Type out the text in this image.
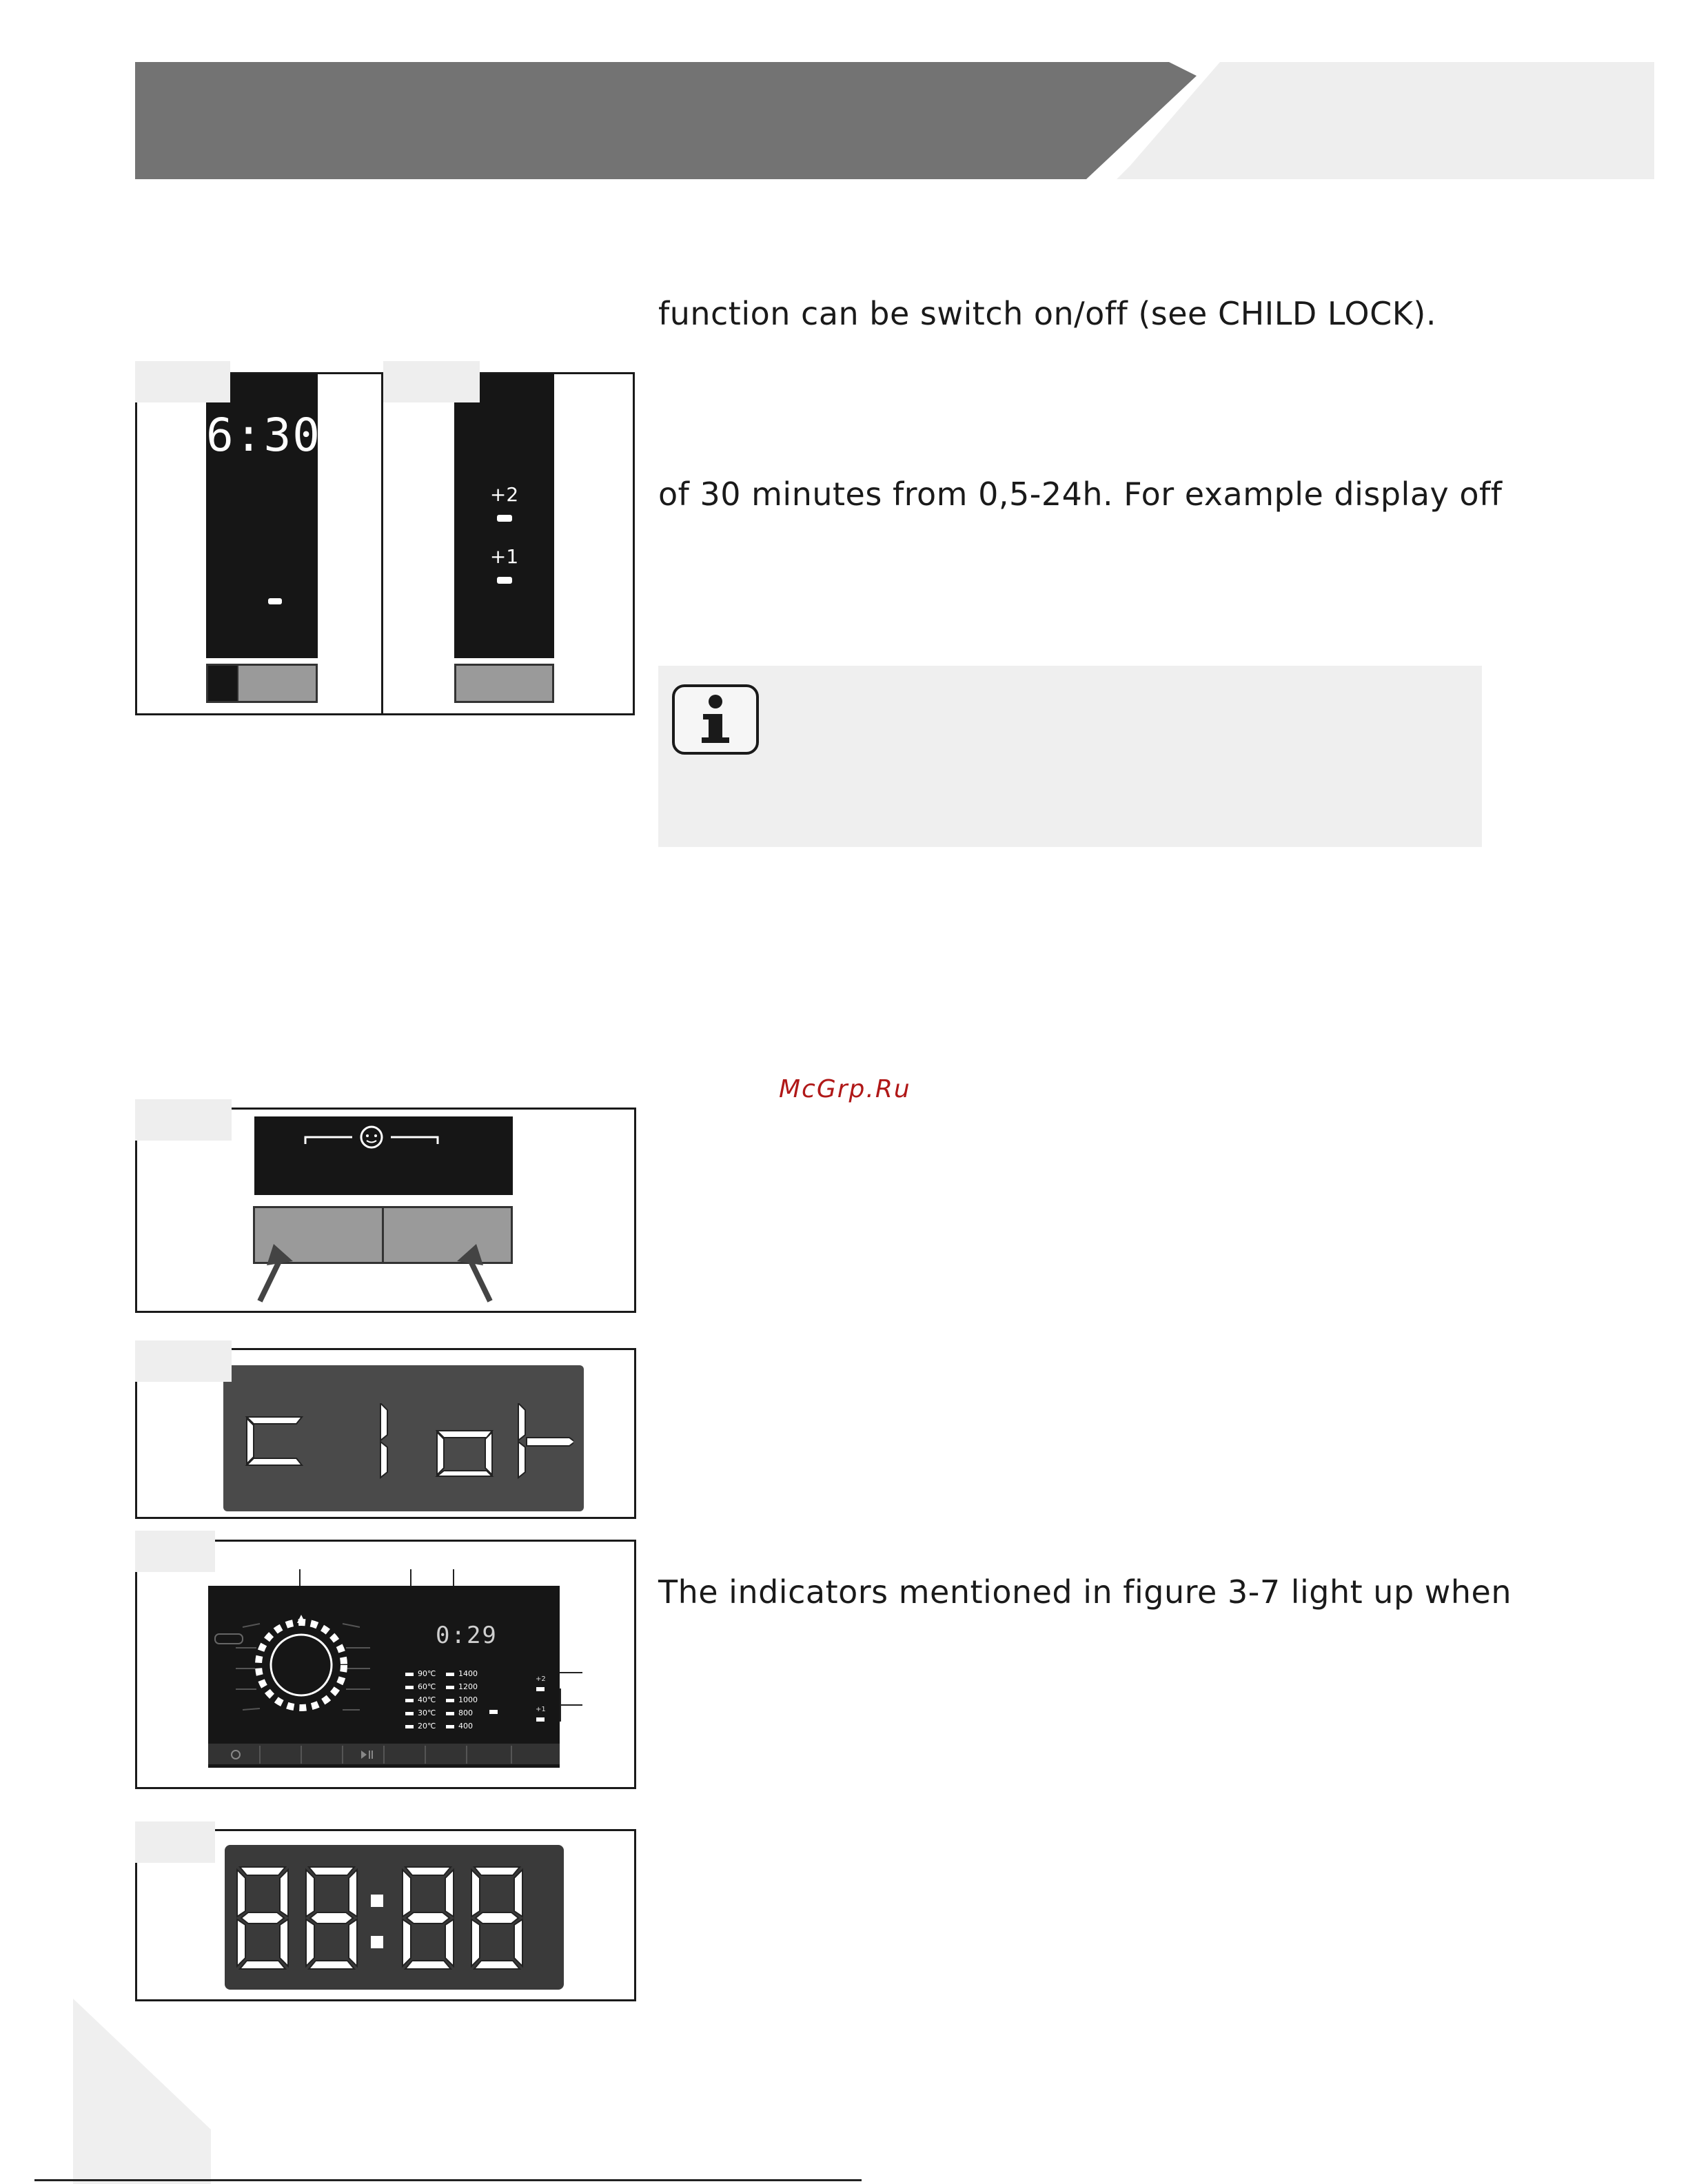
function can be switch on/off (see CHILD LOCK).
of 30 minutes from 0,5-24h. For example display off
McGrp.Ru
The indicators mentioned in figure 3-7 light up when
6:30
+2
+1
0:29
90℃
60℃
40℃
30℃
20℃
1400
1200
1000
800
400
+2
+1
